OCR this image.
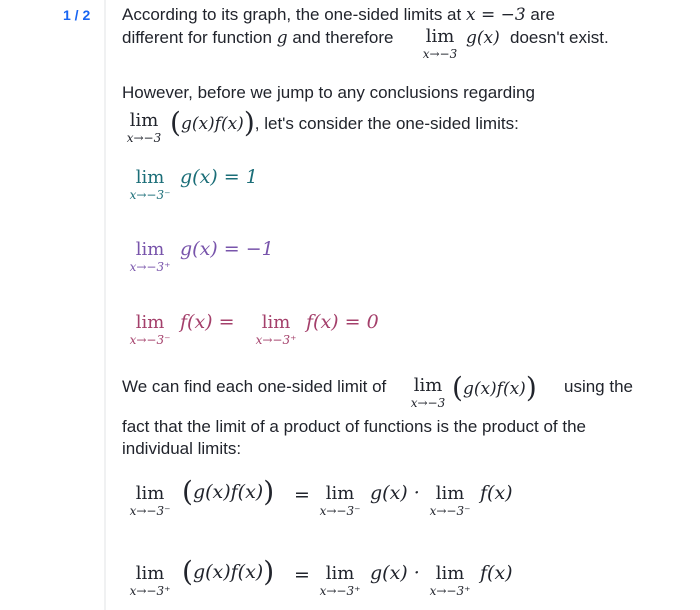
1 / 2 According to its graph, the one-sided limits at x = −3 are
different for function g and therefore	lim
x→−3
g(x) doesn't exist.
However, before we jump to any conclusions regarding
lim
x→−3 (g(x)f(x)), let's consider the one-sided limits:
lim
x→−3⁻
g(x) = 1
lim
x→−3⁺
g(x) = −1
lim
x→−3⁻
f(x) =	lim
x→−3⁺
f(x) = 0
We can find each one-sided limit of	lim
x→−3 (g(x)f(x)) using the
fact that the limit of a product of functions is the product of the
individual limits:
lim
x→−3⁻
(g(x)f(x)) = lim
x→−3⁻
g(x) · lim
x→−3⁻
f(x)
lim
x→−3⁺
(g(x)f(x)) = lim
x→−3⁺
g(x) · lim
x→−3⁺
f(x)
